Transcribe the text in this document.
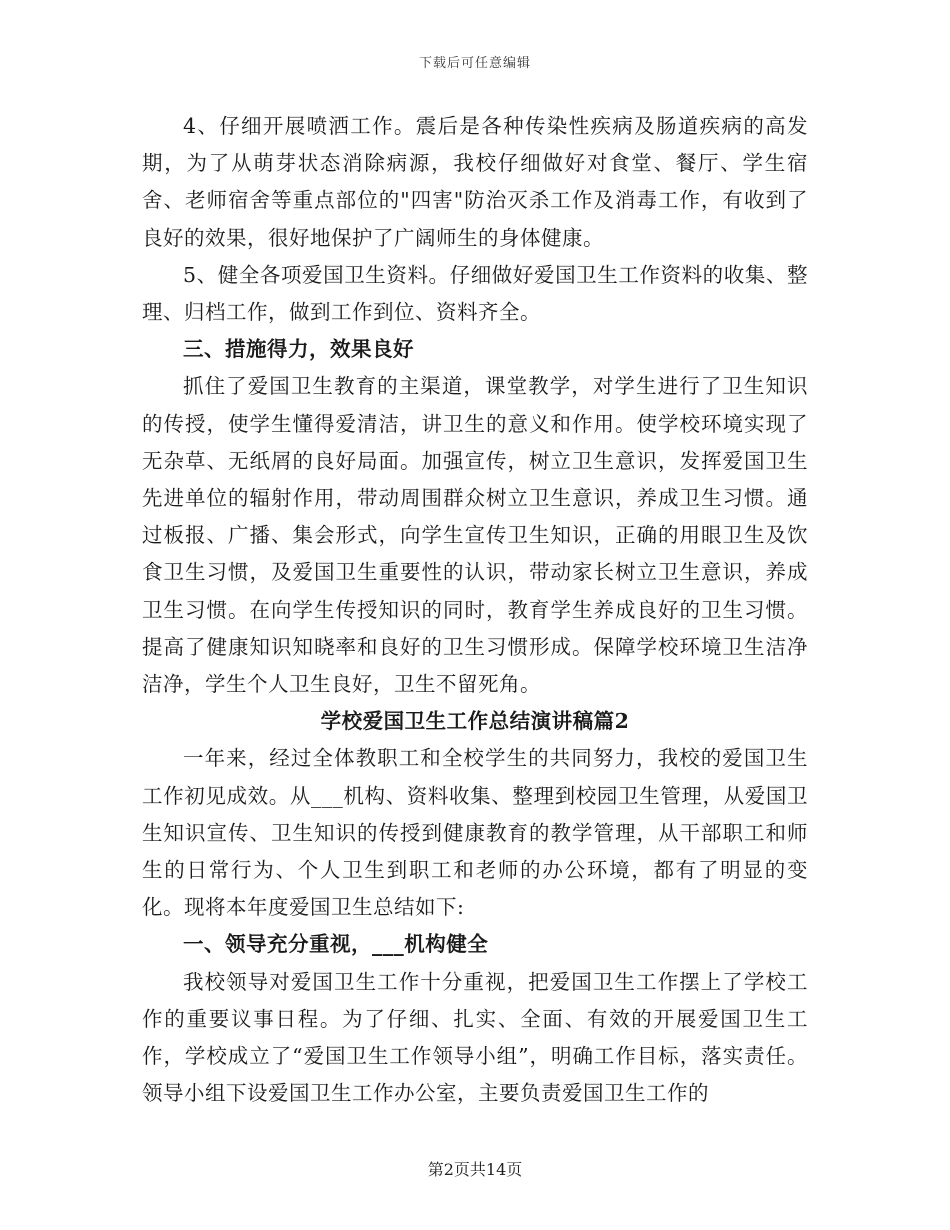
下载后可任意编辑

4、仔细开展喷洒工作。震后是各种传染性疾病及肠道疾病的高发期，为了从萌芽状态消除病源，我校仔细做好对食堂、餐厅、学生宿舍、老师宿舍等重点部位的"四害"防治灭杀工作及消毒工作，有收到了良好的效果，很好地保护了广阔师生的身体健康。

5、健全各项爱国卫生资料。仔细做好爱国卫生工作资料的收集、整理、归档工作，做到工作到位、资料齐全。

三、措施得力，效果良好

抓住了爱国卫生教育的主渠道，课堂教学，对学生进行了卫生知识的传授，使学生懂得爱清洁，讲卫生的意义和作用。使学校环境实现了无杂草、无纸屑的良好局面。加强宣传，树立卫生意识，发挥爱国卫生先进单位的辐射作用，带动周围群众树立卫生意识，养成卫生习惯。通过板报、广播、集会形式，向学生宣传卫生知识，正确的用眼卫生及饮食卫生习惯，及爱国卫生重要性的认识，带动家长树立卫生意识，养成卫生习惯。在向学生传授知识的同时，教育学生养成良好的卫生习惯。提高了健康知识知晓率和良好的卫生习惯形成。保障学校环境卫生洁净洁净，学生个人卫生良好，卫生不留死角。

学校爱国卫生工作总结演讲稿篇2

一年来，经过全体教职工和全校学生的共同努力，我校的爱国卫生工作初见成效。从___机构、资料收集、整理到校园卫生管理，从爱国卫生知识宣传、卫生知识的传授到健康教育的教学管理，从干部职工和师生的日常行为、个人卫生到职工和老师的办公环境，都有了明显的变化。现将本年度爱国卫生总结如下:

一、领导充分重视，___机构健全

我校领导对爱国卫生工作十分重视，把爱国卫生工作摆上了学校工作的重要议事日程。为了仔细、扎实、全面、有效的开展爱国卫生工作，学校成立了“爱国卫生工作领导小组”，明确工作目标，落实责任。领导小组下设爱国卫生工作办公室，主要负责爱国卫生工作的

第2页共14页
